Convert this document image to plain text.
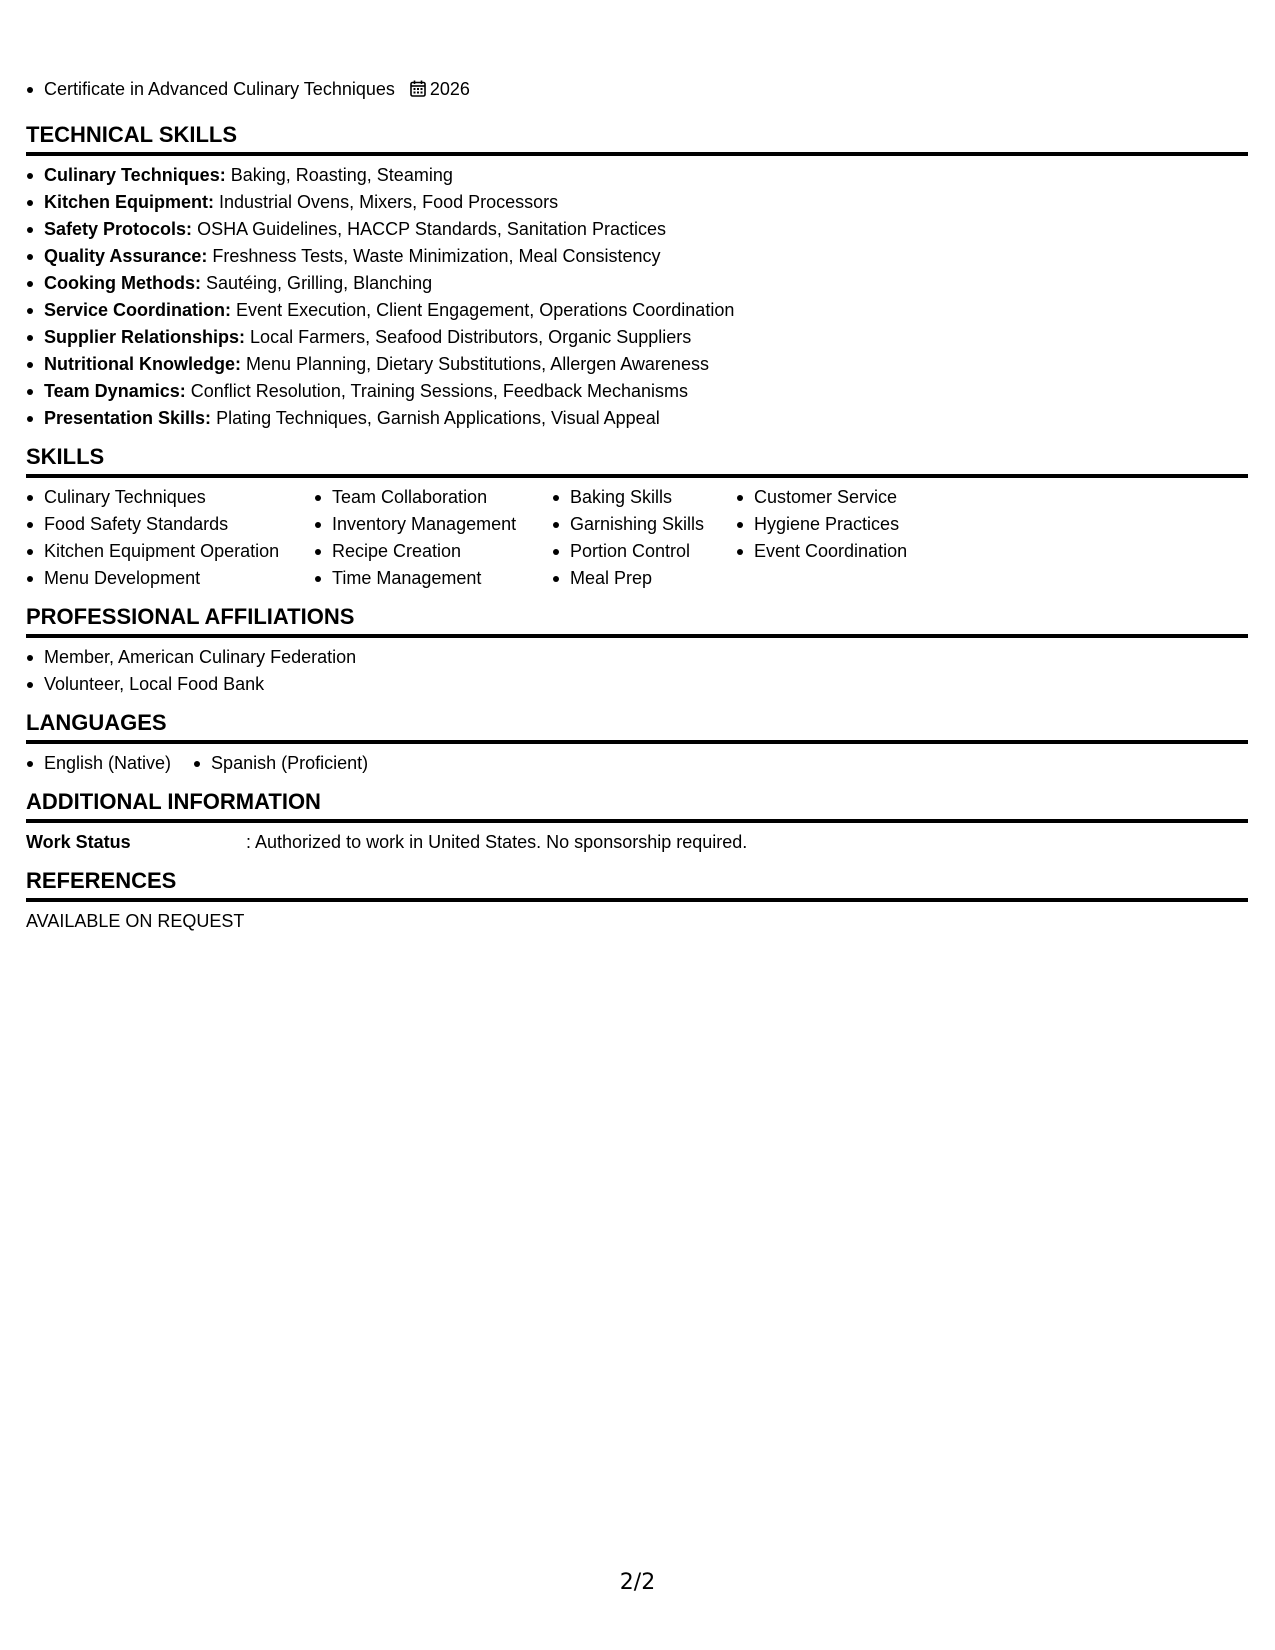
Certificate in Advanced Culinary Techniques 2026
TECHNICAL SKILLS
Culinary Techniques: Baking, Roasting, Steaming
Kitchen Equipment: Industrial Ovens, Mixers, Food Processors
Safety Protocols: OSHA Guidelines, HACCP Standards, Sanitation Practices
Quality Assurance: Freshness Tests, Waste Minimization, Meal Consistency
Cooking Methods: Sautéing, Grilling, Blanching
Service Coordination: Event Execution, Client Engagement, Operations Coordination
Supplier Relationships: Local Farmers, Seafood Distributors, Organic Suppliers
Nutritional Knowledge: Menu Planning, Dietary Substitutions, Allergen Awareness
Team Dynamics: Conflict Resolution, Training Sessions, Feedback Mechanisms
Presentation Skills: Plating Techniques, Garnish Applications, Visual Appeal
SKILLS
Culinary Techniques
Food Safety Standards
Kitchen Equipment Operation
Menu Development
Team Collaboration
Inventory Management
Recipe Creation
Time Management
Baking Skills
Garnishing Skills
Portion Control
Meal Prep
Customer Service
Hygiene Practices
Event Coordination
PROFESSIONAL AFFILIATIONS
Member, American Culinary Federation
Volunteer, Local Food Bank
LANGUAGES
English (Native)	Spanish (Proficient)
ADDITIONAL INFORMATION
Work Status	: Authorized to work in United States. No sponsorship required.
REFERENCES
AVAILABLE ON REQUEST
2/2
